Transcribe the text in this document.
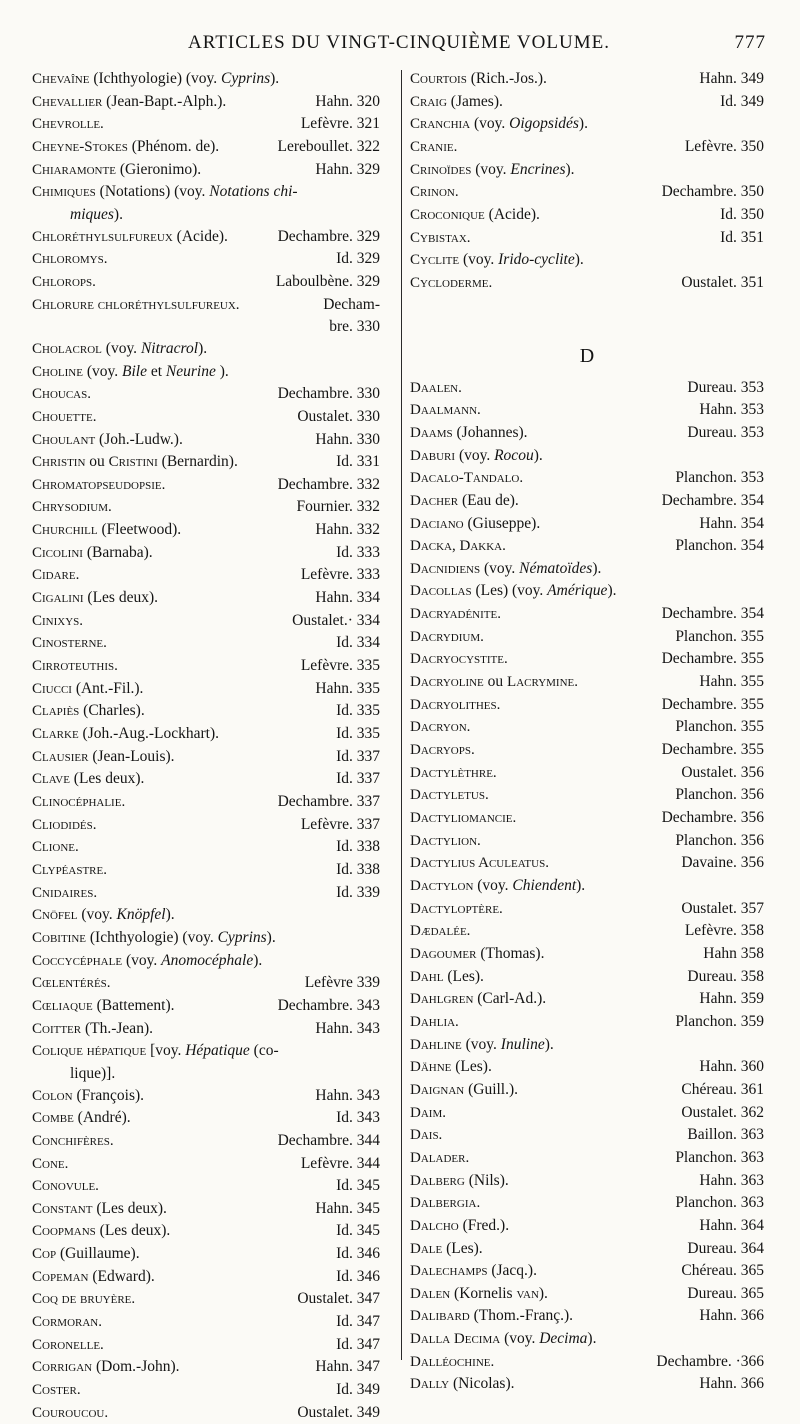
ARTICLES DU VINGT-CINQUIÈME VOLUME.	777
Chevaîne (Ichthyologie) (voy. Cyprins).
Chevallier (Jean-Bapt.-Alph.).	Hahn. 320
Chevrolle.	Lefèvre. 321
Cheyne-Stokes (Phénom. de).	Lereboullet. 322
Chiaramonte (Gieronimo).	Hahn. 329
Chimiques (Notations) (voy. Notations chi-
miques).
Chloréthylsulfureux (Acide).	Dechambre. 329
Chloromys.	Id. 329
Chlorops.	Laboulbène. 329
Chlorure chloréthylsulfureux.	Decham-
bre. 330
Cholacrol (voy. Nitracrol).
Choline (voy. Bile et Neurine ).
Choucas.	Dechambre. 330
Chouette.	Oustalet. 330
Choulant (Joh.-Ludw.).	Hahn. 330
Christin ou Cristini (Bernardin).	Id. 331
Chromatopseudopsie.	Dechambre. 332
Chrysodium.	Fournier. 332
Churchill (Fleetwood).	Hahn. 332
Cicolini (Barnaba).	Id. 333
Cidare.	Lefèvre. 333
Cigalini (Les deux).	Hahn. 334
Cinixys.	Oustalet.· 334
Cinosterne.	Id. 334
Cirroteuthis.	Lefèvre. 335
Ciucci (Ant.-Fil.).	Hahn. 335
Clapiès (Charles).	Id. 335
Clarke (Joh.-Aug.-Lockhart).	Id. 335
Clausier (Jean-Louis).	Id. 337
Clave (Les deux).	Id. 337
Clinocéphalie.	Dechambre. 337
Cliodidés.	Lefèvre. 337
Clione.	Id. 338
Clypéastre.	Id. 338
Cnidaires.	Id. 339
Cnöfel (voy. Knöpfel).
Cobitine (Ichthyologie) (voy. Cyprins).
Coccycéphale (voy. Anomocéphale).
Cœlentérés.	Lefèvre 339
Cœliaque (Battement).	Dechambre. 343
Coitter (Th.-Jean).	Hahn. 343
Colique hépatique [voy. Hépatique (co-
lique)].
Colon (François).	Hahn. 343
Combe (André).	Id. 343
Conchifères.	Dechambre. 344
Cone.	Lefèvre. 344
Conovule.	Id. 345
Constant (Les deux).	Hahn. 345
Coopmans (Les deux).	Id. 345
Cop (Guillaume).	Id. 346
Copeman (Edward).	Id. 346
Coq de bruyère.	Oustalet. 347
Cormoran.	Id. 347
Coronelle.	Id. 347
Corrigan (Dom.-John).	Hahn. 347
Coster.	Id. 349
Couroucou.	Oustalet. 349
Courtois (Rich.-Jos.).	Hahn. 349
Craig (James).	Id. 349
Cranchia (voy. Oigopsidés).
Cranie.	Lefèvre. 350
Crinoïdes (voy. Encrines).
Crinon.	Dechambre. 350
Croconique (Acide).	Id. 350
Cybistax.	Id. 351
Cyclite (voy. Irido-cyclite).
Cycloderme.	Oustalet. 351
D
Daalen.	Dureau. 353
Daalmann.	Hahn. 353
Daams (Johannes).	Dureau. 353
Daburi (voy. Rocou).
Dacalo-Tandalo.	Planchon. 353
Dacher (Eau de).	Dechambre. 354
Daciano (Giuseppe).	Hahn. 354
Dacka, Dakka.	Planchon. 354
Dacnidiens (voy. Nématoïdes).
Dacollas (Les) (voy. Amérique).
Dacryadénite.	Dechambre. 354
Dacrydium.	Planchon. 355
Dacryocystite.	Dechambre. 355
Dacryoline ou Lacrymine.	Hahn. 355
Dacryolithes.	Dechambre. 355
Dacryon.	Planchon. 355
Dacryops.	Dechambre. 355
Dactylèthre.	Oustalet. 356
Dactyletus.	Planchon. 356
Dactyliomancie.	Dechambre. 356
Dactylion.	Planchon. 356
Dactylius Aculeatus.	Davaine. 356
Dactylon (voy. Chiendent).
Dactyloptère.	Oustalet. 357
Dædalée.	Lefèvre. 358
Dagoumer (Thomas).	Hahn 358
Dahl (Les).	Dureau. 358
Dahlgren (Carl-Ad.).	Hahn. 359
Dahlia.	Planchon. 359
Dahline (voy. Inuline).
Dähne (Les).	Hahn. 360
Daignan (Guill.).	Chéreau. 361
Daim.	Oustalet. 362
Dais.	Baillon. 363
Dalader.	Planchon. 363
Dalberg (Nils).	Hahn. 363
Dalbergia.	Planchon. 363
Dalcho (Fred.).	Hahn. 364
Dale (Les).	Dureau. 364
Dalechamps (Jacq.).	Chéreau. 365
Dalen (Kornelis van).	Dureau. 365
Dalibard (Thom.-Franç.).	Hahn. 366
Dalla Decima (voy. Decima).
Dalléochine.	Dechambre. ·366
Dally (Nicolas).	Hahn. 366
